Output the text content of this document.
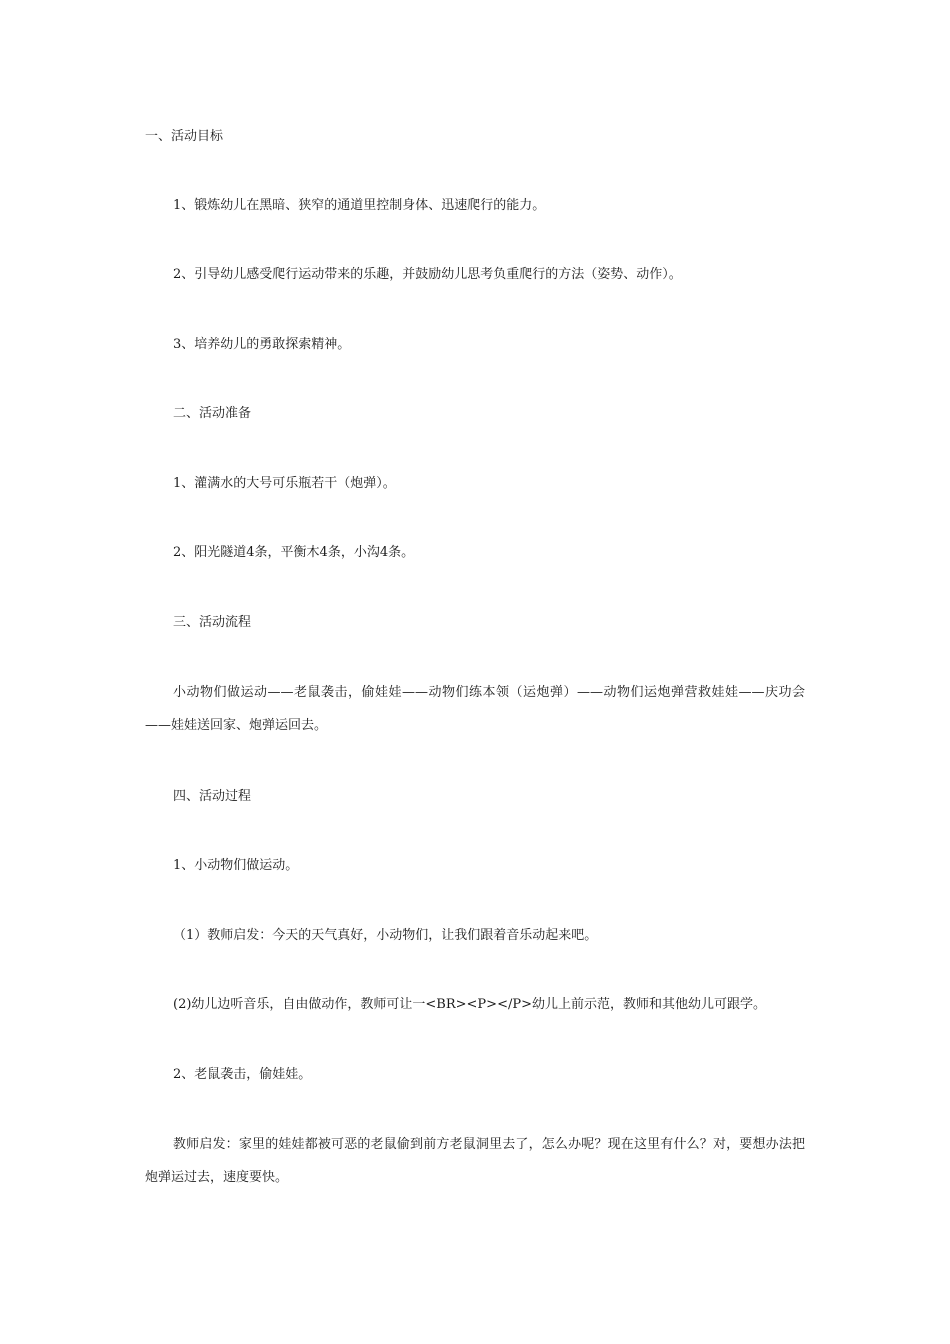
一、活动目标

1、锻炼幼儿在黑暗、狭窄的通道里控制身体、迅速爬行的能力。

2、引导幼儿感受爬行运动带来的乐趣，并鼓励幼儿思考负重爬行的方法（姿势、动作）。

3、培养幼儿的勇敢探索精神。

二、活动准备

1、灌满水的大号可乐瓶若干（炮弹）。

2、阳光隧道4条，平衡木4条，小沟4条。

三、活动流程

小动物们做运动——老鼠袭击，偷娃娃——动物们练本领（运炮弹）——动物们运炮弹营救娃娃——庆功会——娃娃送回家、炮弹运回去。

四、活动过程

1、小动物们做运动。

（1）教师启发：今天的天气真好，小动物们，让我们跟着音乐动起来吧。

(2)幼儿边听音乐，自由做动作，教师可让一<BR><P></P>幼儿上前示范，教师和其他幼儿可跟学。

2、老鼠袭击，偷娃娃。

教师启发：家里的娃娃都被可恶的老鼠偷到前方老鼠洞里去了，怎么办呢？现在这里有什么？对，要想办法把炮弹运过去，速度要快。
